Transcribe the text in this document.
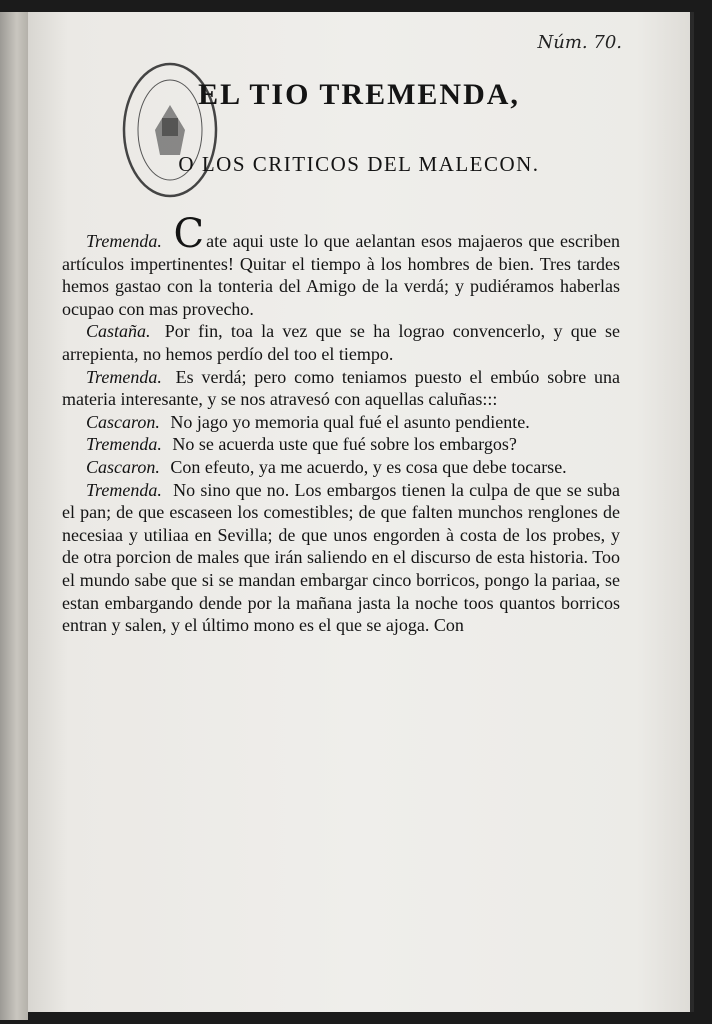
Núm. 70.
EL TIO TREMENDA,
O LOS CRITICOS DEL MALECON.

Tremenda. C ate aqui uste lo que aelantan esos majaeros que escriben artículos impertinentes! Quitar el tiempo à los hombres de bien. Tres tardes hemos gastao con la tonteria del Amigo de la verdá; y pudiéramos haberlas ocupao con mas provecho.

Castaña. Por fin, toa la vez que se ha lograo convencerlo, y que se arrepienta, no hemos perdío del too el tiempo.

Tremenda. Es verdá; pero como teniamos puesto el embúo sobre una materia interesante, y se nos atravesó con aquellas caluñas:::

Cascaron. No jago yo memoria qual fué el asunto pendiente.

Tremenda. No se acuerda uste que fué sobre los embargos?

Cascaron. Con efeuto, ya me acuerdo, y es cosa que debe tocarse.

Tremenda. No sino que no. Los embargos tienen la culpa de que se suba el pan; de que escaseen los comestibles; de que falten munchos renglones de necesiaa y utiliaa en Sevilla; de que unos engorden à costa de los probes, y de otra porcion de males que irán saliendo en el discurso de esta historia. Too el mundo sabe que si se mandan embargar cinco borricos, pongo la pariaa, se estan embargando dende por la mañana jasta la noche toos quantos borricos entran y salen, y el último mono es el que se ajoga. Con
